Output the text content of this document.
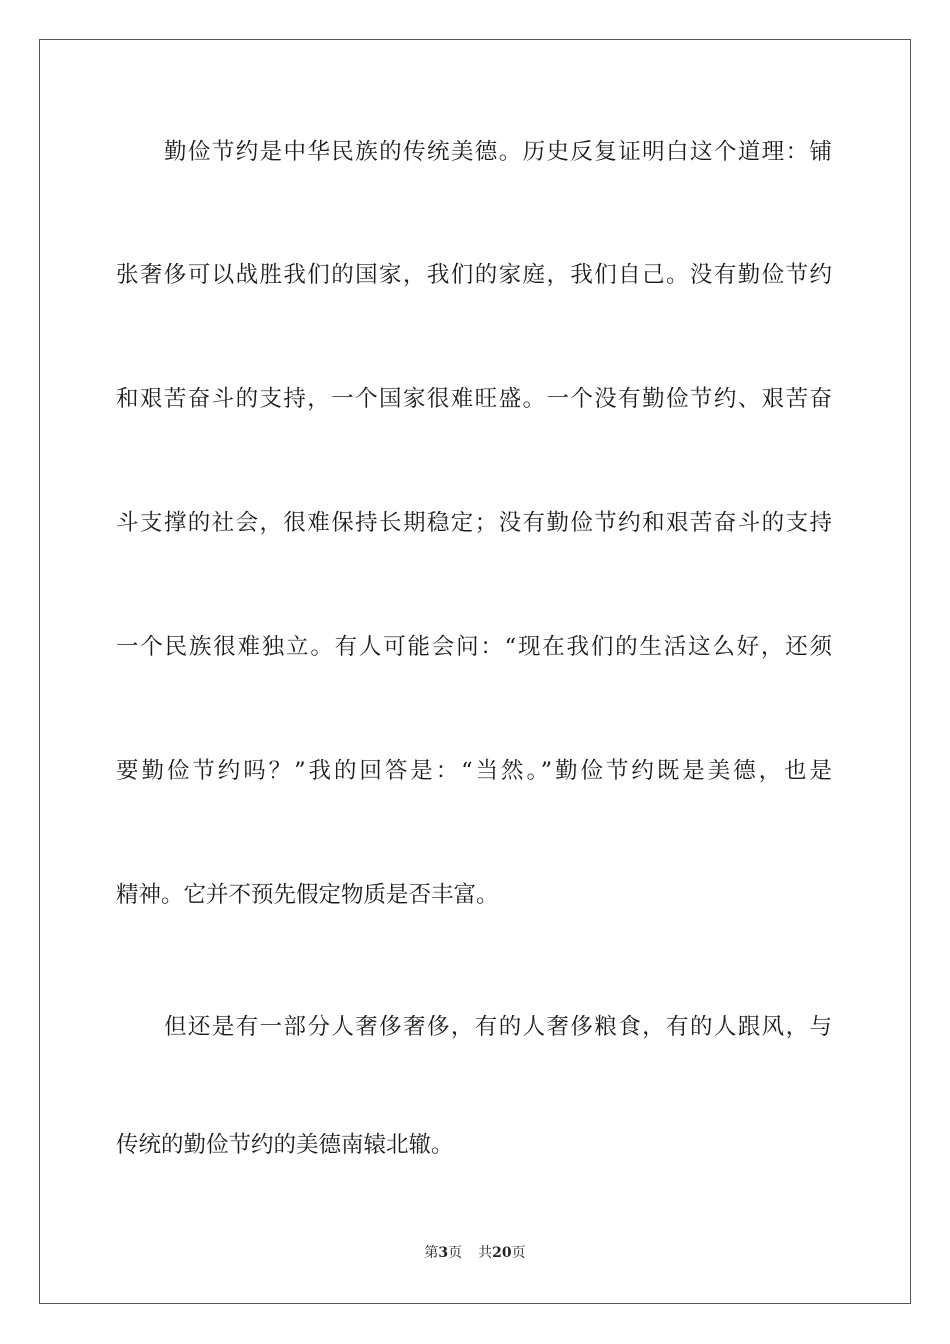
勤俭节约是中华民族的传统美德。历史反复证明白这个道理：铺
张奢侈可以战胜我们的国家，我们的家庭，我们自己。没有勤俭节约
和艰苦奋斗的支持，一个国家很难旺盛。一个没有勤俭节约、艰苦奋
斗支撑的社会，很难保持长期稳定；没有勤俭节约和艰苦奋斗的支持
一个民族很难独立。有人可能会问：“现在我们的生活这么好，还须
要勤俭节约吗？”我的回答是：“当然。”勤俭节约既是美德，也是
精神。它并不预先假定物质是否丰富。
但还是有一部分人奢侈奢侈，有的人奢侈粮食，有的人跟风，与
传统的勤俭节约的美德南辕北辙。
第3页 共20页
